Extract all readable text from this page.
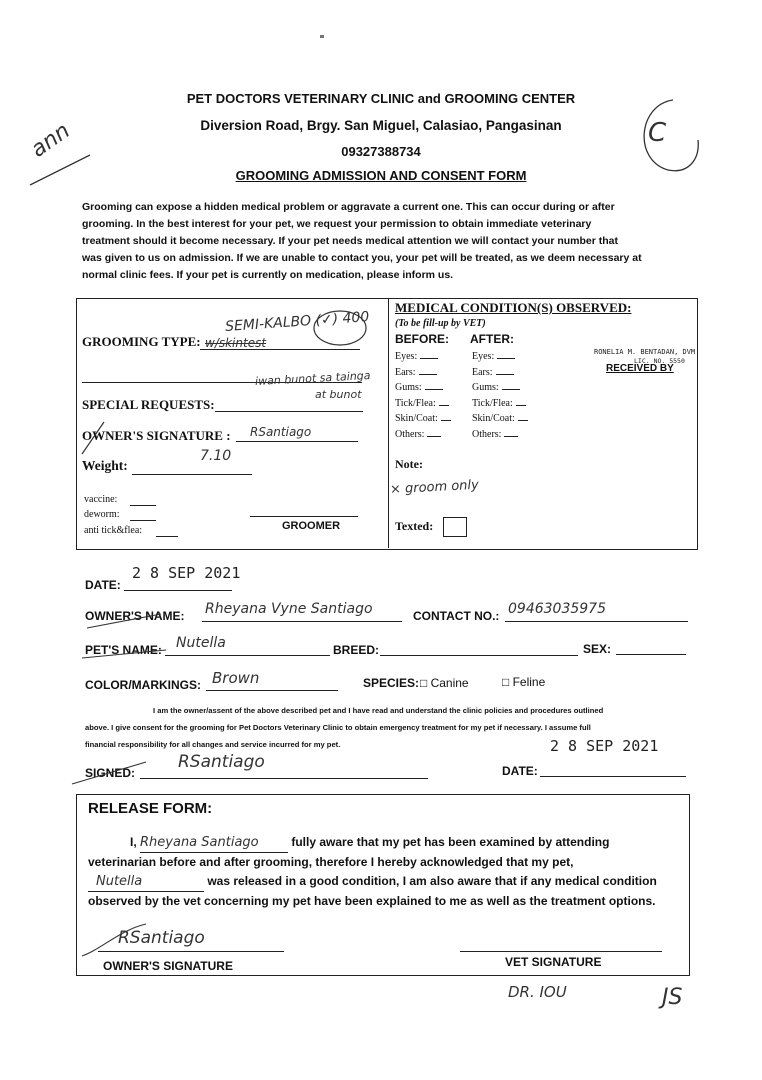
PET DOCTORS VETERINARY CLINIC and GROOMING CENTER
Diversion Road, Brgy. San Miguel, Calasiao, Pangasinan
09327388734
GROOMING ADMISSION AND CONSENT FORM
ann	C
Grooming can expose a hidden medical problem or aggravate a current one. This can occur during or after
grooming. In the best interest for your pet, we request your permission to obtain immediate veterinary
treatment should it become necessary. If your pet needs medical attention we will contact your number that
was given to us on admission. If we are unable to contact you, your pet will be treated, as we deem necessary at
normal clinic fees. If your pet is currently on medication, please inform us.
GROOMING TYPE:
SEMI-KALBO (✓) 400
w/skintest
SPECIAL REQUESTS:
iwan bunot sa tainga
at bunot
OWNER'S SIGNATURE : RSantiago
Weight:
7.10
vaccine:
deworm:
anti tick&flea:	GROOMER
MEDICAL CONDITION(S) OBSERVED:
(To be fill-up by VET)
BEFORE: AFTER:
Eyes:
Ears:
Gums:
Tick/Flea:
Skin/Coat:
Others:
Eyes:
Ears:
Gums:
Tick/Flea:
Skin/Coat:
Others:
RONELIA M. BENTADAN, DVM
LIC. NO. 5550
RECEIVED BY
Note:
× groom only
Texted:
DATE:
2 8 SEP 2021
OWNER'S NAME: Rheyana Vyne Santiago	CONTACT NO.: 09463035975
PET'S NAME: Nutella	BREED:	SEX:
COLOR/MARKINGS: Brown	SPECIES: □ Canine	□ Feline
I am the owner/assent of the above described pet and I have read and understand the clinic policies and procedures outlined
above. I give consent for the grooming for Pet Doctors Veterinary Clinic to obtain emergency treatment for my pet if necessary. I assume full
financial responsibility for all changes and service incurred for my pet.	2 8 SEP 2021
SIGNED:
RSantiago	DATE:
RELEASE FORM:
I, Rheyana Santiago	fully aware that my pet has been examined by attending
veterinarian before and after grooming, therefore I hereby acknowledged that my pet,
Nutella	was released in a good condition, I am also aware that if any medical condition
observed by the vet concerning my pet have been explained to me as well as the treatment options.
RSantiago
OWNER'S SIGNATURE	VET SIGNATURE
DR. IOU	JS
